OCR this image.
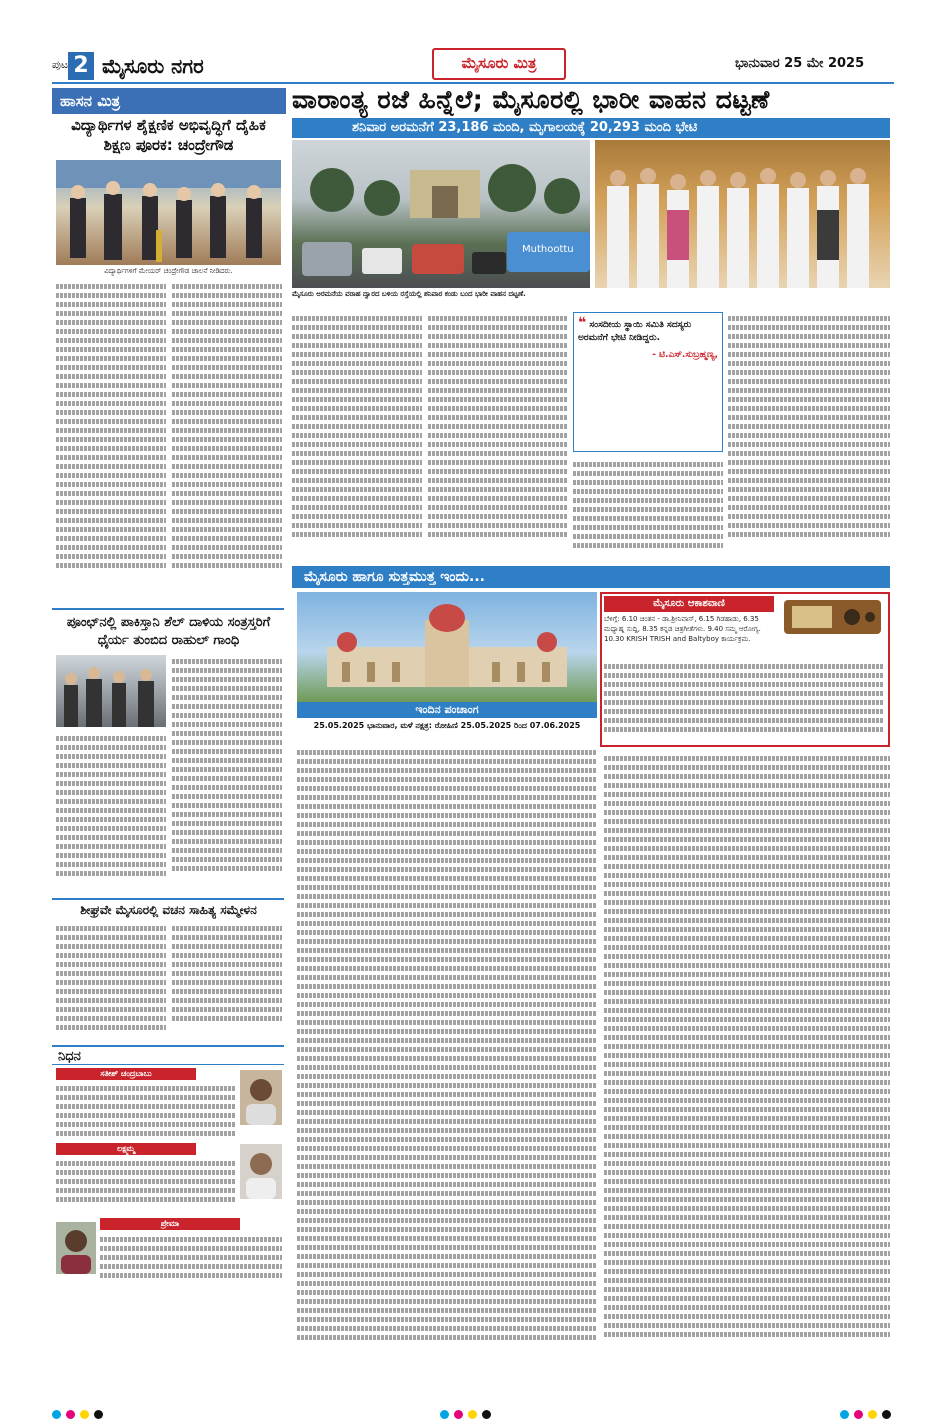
ಪುಟ 2 ಮೈಸೂರು ನಗರ	ಮೈಸೂರು ಮಿತ್ರ	ಭಾನುವಾರ 25 ಮೇ 2025
ಹಾಸನ ಮಿತ್ರ
ವಿದ್ಯಾರ್ಥಿಗಳ ಶೈಕ್ಷಣಿಕ ಅಭಿವೃದ್ಧಿಗೆ ದೈಹಿಕ ಶಿಕ್ಷಣ ಪೂರಕ: ಚಂದ್ರೇಗೌಡ
ವಿದ್ಯಾರ್ಥಿಗಳಿಗೆ ಮೇಯರ್ ಚಂದ್ರೇಗೌಡ ಚಾಲನೆ ನೀಡಿದರು.
ಪೂಂಛ್‌ನಲ್ಲಿ ಪಾಕಿಸ್ತಾನಿ ಶೆಲ್ ದಾಳಿಯ ಸಂತ್ರಸ್ತರಿಗೆ ಧೈರ್ಯ ತುಂಬಿದ ರಾಹುಲ್ ಗಾಂಧಿ
ಶೀಘ್ರವೇ ಮೈಸೂರಲ್ಲಿ ವಚನ ಸಾಹಿತ್ಯ ಸಮ್ಮೇಳನ
ನಿಧನ
ಸತೀಶ್ ಚಂದ್ರಬಾಬು
ಲಕ್ಷ್ಮಮ್ಮ
ಪ್ರೇಮಾ
ವಾರಾಂತ್ಯ ರಜೆ ಹಿನ್ನೆಲೆ; ಮೈಸೂರಲ್ಲಿ ಭಾರೀ ವಾಹನ ದಟ್ಟಣೆ
ಶನಿವಾರ ಅರಮನೆಗೆ 23,186 ಮಂದಿ, ಮೃಗಾಲಯಕ್ಕೆ 20,293 ಮಂದಿ ಭೇಟಿ
Muthoottu
ಮೈಸೂರು ಅರಮನೆಯ ವರಾಹ ದ್ವಾರದ ಬಳಿಯ ರಸ್ತೆಯಲ್ಲಿ ಶನಿವಾರ ಕಂಡು ಬಂದ ಭಾರೀ ವಾಹನ ದಟ್ಟಣೆ.
❝ ಸಂಸದೀಯ ಸ್ಥಾಯಿ ಸಮಿತಿ ಸದಸ್ಯರು ಅರಮನೆಗೆ ಭೇಟಿ ನೀಡಿದ್ದರು.
- ಟಿ.ಎಸ್.ಸುಬ್ರಹ್ಮಣ್ಯ,
ಮೈಸೂರು ಹಾಗೂ ಸುತ್ತಮುತ್ತ ಇಂದು...
ಇಂದಿನ ಪಂಚಾಂಗ
25.05.2025 ಭಾನುವಾರ, ಮಳೆ ನಕ್ಷತ್ರ: ರೋಹಿಣಿ 25.05.2025 ರಿಂದ 07.06.2025
ಮೈಸೂರು ಆಕಾಶವಾಣಿ
ಬೆಳಿಗ್ಗೆ: 6.10 ಚಿಂತನ - ಡಾ.ಶ್ರೀನಿವಾಸ್, 6.15 ಗಿಡಹಾಡು, 6.35 ಮಧ್ಯಾಹ್ನ ಸುದ್ದಿ, 8.35 ಕನ್ನಡ ಚಿತ್ರಗೀತೆಗಳು. 9.40 ಸಮ್ಮ ಆರೋಗ್ಯ. 10.30 KRISH TRISH and Baltyboy ಕಾರ್ಯಕ್ರಮ.
